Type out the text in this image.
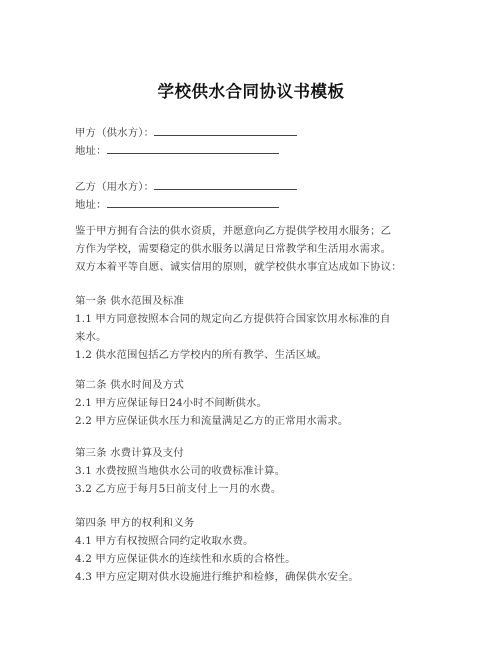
学校供水合同协议书模板
甲方（供水方）：
地址：
乙方（用水方）：
地址：
鉴于甲方拥有合法的供水资质，并愿意向乙方提供学校用水服务；乙
方作为学校，需要稳定的供水服务以满足日常教学和生活用水需求。
双方本着平等自愿、诚实信用的原则，就学校供水事宜达成如下协议：
第一条 供水范围及标准
1.1 甲方同意按照本合同的规定向乙方提供符合国家饮用水标准的自
来水。
1.2 供水范围包括乙方学校内的所有教学、生活区域。
第二条 供水时间及方式
2.1 甲方应保证每日24小时不间断供水。
2.2 甲方应保证供水压力和流量满足乙方的正常用水需求。
第三条 水费计算及支付
3.1 水费按照当地供水公司的收费标准计算。
3.2 乙方应于每月5日前支付上一月的水费。
第四条 甲方的权利和义务
4.1 甲方有权按照合同约定收取水费。
4.2 甲方应保证供水的连续性和水质的合格性。
4.3 甲方应定期对供水设施进行维护和检修，确保供水安全。
